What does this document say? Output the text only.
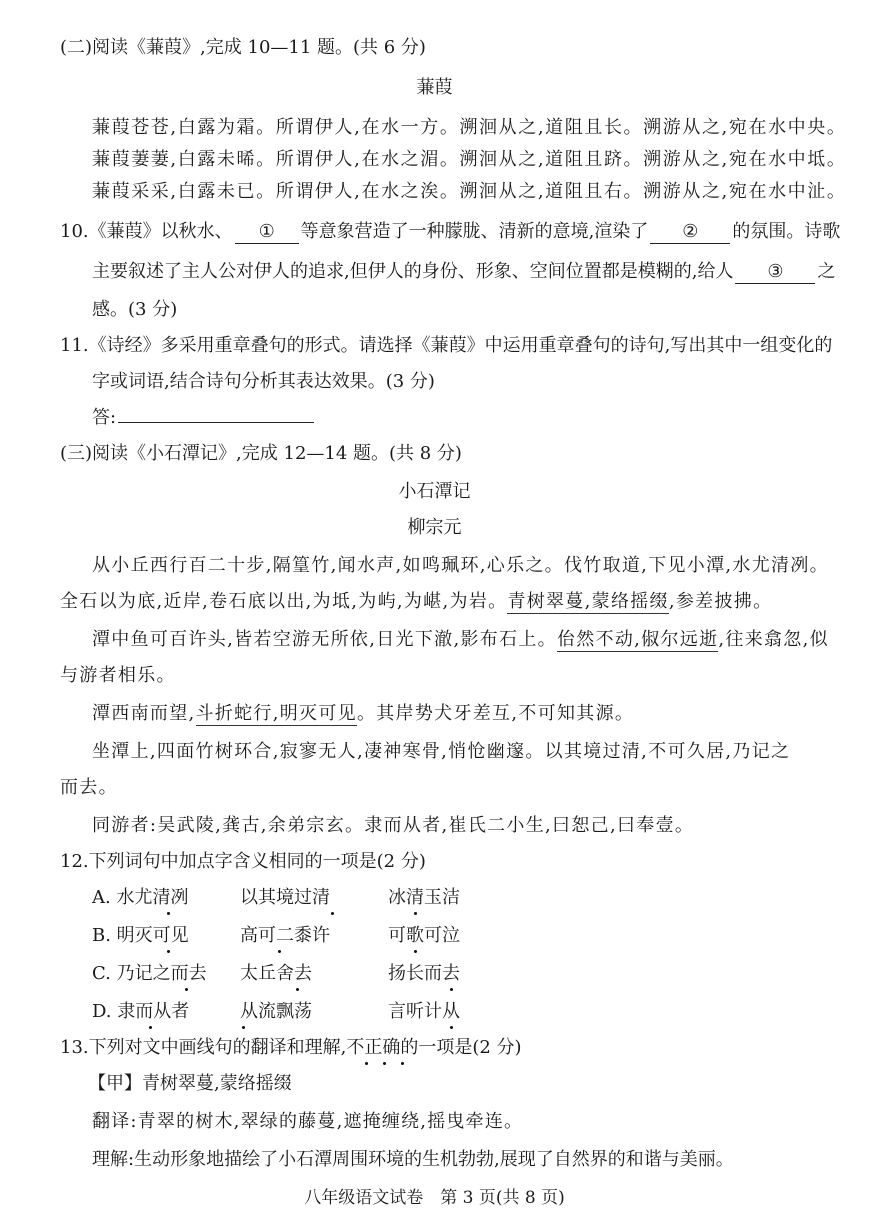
(二)阅读《蒹葭》,完成 10—11 题。(共 6 分)
蒹葭
蒹葭苍苍,白露为霜。所谓伊人,在水一方。溯洄从之,道阻且长。溯游从之,宛在水中央。
蒹葭萋萋,白露未晞。所谓伊人,在水之湄。溯洄从之,道阻且跻。溯游从之,宛在水中坻。
蒹葭采采,白露未已。所谓伊人,在水之涘。溯洄从之,道阻且右。溯游从之,宛在水中沚。
10.《蒹葭》以秋水、 ① 等意象营造了一种朦胧、清新的意境,渲染了 ② 的氛围。诗歌
主要叙述了主人公对伊人的追求,但伊人的身份、形象、空间位置都是模糊的,给人 ③ 之
感。(3 分)
11.《诗经》多采用重章叠句的形式。请选择《蒹葭》中运用重章叠句的诗句,写出其中一组变化的
字或词语,结合诗句分析其表达效果。(3 分)
答:
(三)阅读《小石潭记》,完成 12—14 题。(共 8 分)
小石潭记
柳宗元
从小丘西行百二十步,隔篁竹,闻水声,如鸣珮环,心乐之。伐竹取道,下见小潭,水尤清冽。
全石以为底,近岸,卷石底以出,为坻,为屿,为嵁,为岩。青树翠蔓,蒙络摇缀,参差披拂。
潭中鱼可百许头,皆若空游无所依,日光下澈,影布石上。佁然不动,俶尔远逝,往来翕忽,似
与游者相乐。
潭西南而望,斗折蛇行,明灭可见。其岸势犬牙差互,不可知其源。
坐潭上,四面竹树环合,寂寥无人,凄神寒骨,悄怆幽邃。以其境过清,不可久居,乃记之
而去。
同游者:吴武陵,龚古,余弟宗玄。隶而从者,崔氏二小生,曰恕己,曰奉壹。
12.下列词句中加点字含义相同的一项是(2 分)
A. 水尤清冽	以其境过清	冰清玉洁
B. 明灭可见	高可二黍许	可歌可泣
C. 乃记之而去 太丘舍去	扬长而去
D. 隶而从者	从流飘荡	言听计从
13.下列对文中画线句的翻译和理解,不正确的一项是(2 分)
【甲】青树翠蔓,蒙络摇缀
翻译:青翠的树木,翠绿的藤蔓,遮掩缠绕,摇曳牵连。
理解:生动形象地描绘了小石潭周围环境的生机勃勃,展现了自然界的和谐与美丽。
八年级语文试卷　第 3 页(共 8 页)
